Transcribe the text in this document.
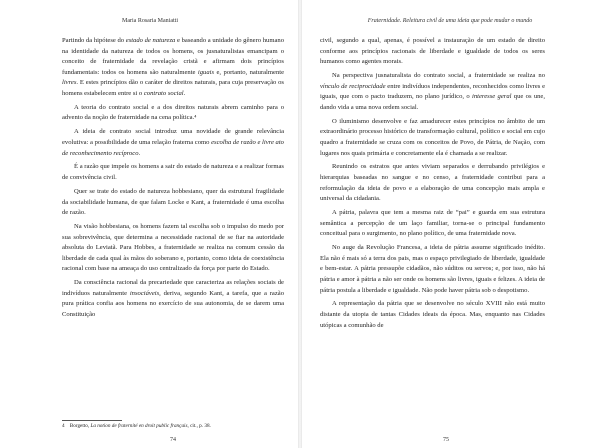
Maria Rosaria Maniatti

Partindo da hipótese do estado de natureza e baseando a unidade do gênero humano na identidade da natureza de todos os homens, os jusnaturalistas emancipam o conceito de fraternidade da revelação cristã e afirmam dois princípios fundamentais: todos os homens são naturalmente iguais e, portanto, naturalmente livres. E estes princípios dão o caráter de direitos naturais, para cuja preservação os homens estabelecem entre si o contrato social.

A teoria do contrato social e a dos direitos naturais abrem caminho para o advento da noção de fraternidade na cena política.⁴

A ideia de contrato social introduz uma novidade de grande relevância evolutiva: a possibilidade de uma relação fraterna como escolha de razão e livre ato de reconhecimento recíproco.

É a razão que impele os homens a sair do estado de natureza e a realizar formas de convivência civil.

Quer se trate do estado de natureza hobbesiano, quer da estrutural fragilidade da sociabilidade humana, de que falam Locke e Kant, a fraternidade é uma escolha de razão.

Na visão hobbesiana, os homens fazem tal escolha sob o impulso do medo por sua sobrevivência, que determina a necessidade racional de se fiar na autoridade absoluta do Leviatã. Para Hobbes, a fraternidade se realiza na comum cessão da liberdade de cada qual às mãos do soberano e, portanto, como ideia de coexistência racional com base na ameaça do uso centralizado da força por parte do Estado.

Da consciência racional da precariedade que caracteriza as relações sociais de indivíduos naturalmente insociáveis, deriva, segundo Kant, a tarefa, que a razão pura prática confia aos homens no exercício de sua autonomia, de se darem uma Constituição

4 Borgetto, La notion de fraternité en droit public français, cit., p. 38.
74
Fraternidade. Releitura civil de uma ideia que pode mudar o mundo

civil, segundo a qual, apenas, é possível a instauração de um estado de direito conforme aos princípios racionais de liberdade e igualdade de todos os seres humanos como agentes morais.

Na perspectiva jusnaturalista do contrato social, a fraternidade se realiza no vínculo de reciprocidade entre indivíduos independentes, reconhecidos como livres e iguais, que com o pacto traduzem, no plano jurídico, o interesse geral que os une, dando vida a uma nova ordem social.

O iluminismo desenvolve e faz amadurecer estes princípios no âmbito de um extraordinário processo histórico de transformação cultural, político e social em cujo quadro a fraternidade se cruza com os conceitos de Povo, de Pátria, de Nação, com lugares nos quais primária e concretamente ela é chamada a se realizar.

Reunindo os estratos que antes viviam separados e derrubando privilégios e hierarquias baseadas no sangue e no censo, a fraternidade contribui para a reformulação da ideia de povo e a elaboração de uma concepção mais ampla e universal da cidadania.

A pátria, palavra que tem a mesma raiz de “pai” e guarda em sua estrutura semântica a percepção de um laço familiar, torna-se o principal fundamento conceitual para o surgimento, no plano político, de uma fraternidade nova.

No auge da Revolução Francesa, a ideia de pátria assume significado inédito. Ela não é mais só a terra dos pais, mas o espaço privilegiado de liberdade, igualdade e bem-estar. A pátria pressupõe cidadãos, não súditos ou servos; e, por isso, não há pátria e amor à pátria a não ser onde os homens são livres, iguais e felizes. A ideia de pátria postula a liberdade e igualdade. Não pode haver pátria sob o despotismo.

A representação da pátria que se desenvolve no século XVIII não está muito distante da utopia de tantas Cidades ideais da época. Mas, enquanto nas Cidades utópicas a comunhão de

75
